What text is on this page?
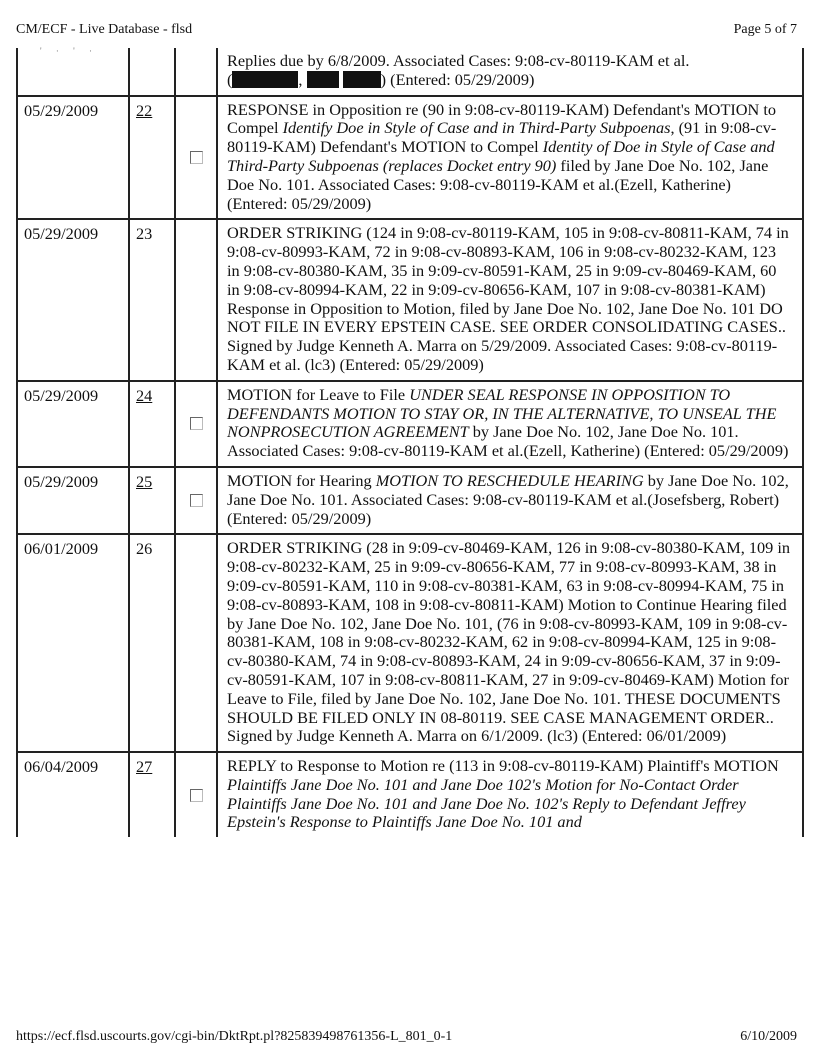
CM/ECF - Live Database - flsd	Page 5 of 7
' · ' ·
				Replies due by 6/8/2009. Associated Cases: 9:08-cv-80119-KAM et al.
( , ) (Entered: 05/29/2009)
05/29/2009	22		RESPONSE in Opposition re (90 in 9:08-cv-80119-KAM) Defendant's MOTION to Compel Identify Doe in Style of Case and in Third-Party Subpoenas, (91 in 9:08-cv-80119-KAM) Defendant's MOTION to Compel Identity of Doe in Style of Case and Third-Party Subpoenas (replaces Docket entry 90) filed by Jane Doe No. 102, Jane Doe No. 101. Associated Cases: 9:08-cv-80119-KAM et al.(Ezell, Katherine) (Entered: 05/29/2009)
05/29/2009	23		ORDER STRIKING (124 in 9:08-cv-80119-KAM, 105 in 9:08-cv-80811-KAM, 74 in 9:08-cv-80993-KAM, 72 in 9:08-cv-80893-KAM, 106 in 9:08-cv-80232-KAM, 123 in 9:08-cv-80380-KAM, 35 in 9:09-cv-80591-KAM, 25 in 9:09-cv-80469-KAM, 60 in 9:08-cv-80994-KAM, 22 in 9:09-cv-80656-KAM, 107 in 9:08-cv-80381-KAM) Response in Opposition to Motion, filed by Jane Doe No. 102, Jane Doe No. 101 DO NOT FILE IN EVERY EPSTEIN CASE. SEE ORDER CONSOLIDATING CASES.. Signed by Judge Kenneth A. Marra on 5/29/2009. Associated Cases: 9:08-cv-80119-KAM et al. (lc3) (Entered: 05/29/2009)
05/29/2009	24		MOTION for Leave to File UNDER SEAL RESPONSE IN OPPOSITION TO DEFENDANTS MOTION TO STAY OR, IN THE ALTERNATIVE, TO UNSEAL THE NONPROSECUTION AGREEMENT by Jane Doe No. 102, Jane Doe No. 101. Associated Cases: 9:08-cv-80119-KAM et al.(Ezell, Katherine) (Entered: 05/29/2009)
05/29/2009	25		MOTION for Hearing MOTION TO RESCHEDULE HEARING by Jane Doe No. 102, Jane Doe No. 101. Associated Cases: 9:08-cv-80119-KAM et al.(Josefsberg, Robert) (Entered: 05/29/2009)
06/01/2009	26		ORDER STRIKING (28 in 9:09-cv-80469-KAM, 126 in 9:08-cv-80380-KAM, 109 in 9:08-cv-80232-KAM, 25 in 9:09-cv-80656-KAM, 77 in 9:08-cv-80993-KAM, 38 in 9:09-cv-80591-KAM, 110 in 9:08-cv-80381-KAM, 63 in 9:08-cv-80994-KAM, 75 in 9:08-cv-80893-KAM, 108 in 9:08-cv-80811-KAM) Motion to Continue Hearing filed by Jane Doe No. 102, Jane Doe No. 101, (76 in 9:08-cv-80993-KAM, 109 in 9:08-cv-80381-KAM, 108 in 9:08-cv-80232-KAM, 62 in 9:08-cv-80994-KAM, 125 in 9:08-cv-80380-KAM, 74 in 9:08-cv-80893-KAM, 24 in 9:09-cv-80656-KAM, 37 in 9:09-cv-80591-KAM, 107 in 9:08-cv-80811-KAM, 27 in 9:09-cv-80469-KAM) Motion for Leave to File, filed by Jane Doe No. 102, Jane Doe No. 101. THESE DOCUMENTS SHOULD BE FILED ONLY IN 08-80119. SEE CASE MANAGEMENT ORDER.. Signed by Judge Kenneth A. Marra on 6/1/2009. (lc3) (Entered: 06/01/2009)
06/04/2009	27		REPLY to Response to Motion re (113 in 9:08-cv-80119-KAM) Plaintiff's MOTION Plaintiffs Jane Doe No. 101 and Jane Doe 102's Motion for No-Contact Order Plaintiffs Jane Doe No. 101 and Jane Doe No. 102's Reply to Defendant Jeffrey Epstein's Response to Plaintiffs Jane Doe No. 101 and
https://ecf.flsd.uscourts.gov/cgi-bin/DktRpt.pl?825839498761356-L_801_0-1	6/10/2009
